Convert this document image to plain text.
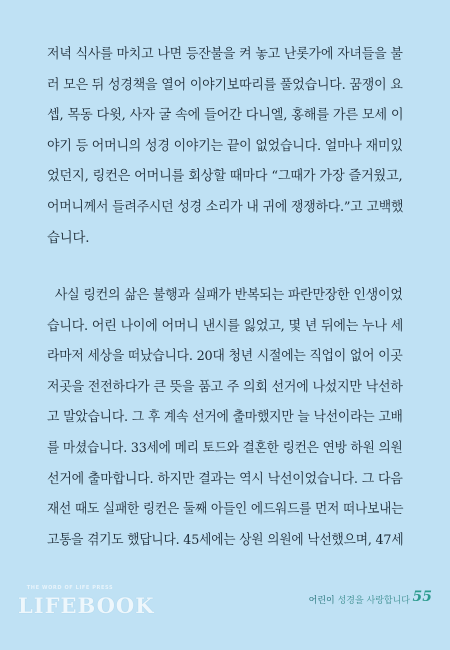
저녁 식사를 마치고 나면 등잔불을 켜 놓고 난롯가에 자녀들을 불
러 모은 뒤 성경책을 열어 이야기보따리를 풀었습니다. 꿈쟁이 요
셉, 목동 다윗, 사자 굴 속에 들어간 다니엘, 홍해를 가른 모세 이
야기 등 어머니의 성경 이야기는 끝이 없었습니다. 얼마나 재미있
었던지, 링컨은 어머니를 회상할 때마다 “그때가 가장 즐거웠고,
어머니께서 들려주시던 성경 소리가 내 귀에 쟁쟁하다.”고 고백했
습니다.

사실 링컨의 삶은 불행과 실패가 반복되는 파란만장한 인생이었
습니다. 어린 나이에 어머니 낸시를 잃었고, 몇 년 뒤에는 누나 세
라마저 세상을 떠났습니다. 20대 청년 시절에는 직업이 없어 이곳
저곳을 전전하다가 큰 뜻을 품고 주 의회 선거에 나섰지만 낙선하
고 말았습니다. 그 후 계속 선거에 출마했지만 늘 낙선이라는 고배
를 마셨습니다. 33세에 메리 토드와 결혼한 링컨은 연방 하원 의원
선거에 출마합니다. 하지만 결과는 역시 낙선이었습니다. 그 다음
재선 때도 실패한 링컨은 둘째 아들인 에드워드를 먼저 떠나보내는
고통을 겪기도 했답니다. 45세에는 상원 의원에 낙선했으며, 47세

THE WORD OF LIFE PRESS
LIFEBOOK	어린이 성경을 사랑합니다 55
